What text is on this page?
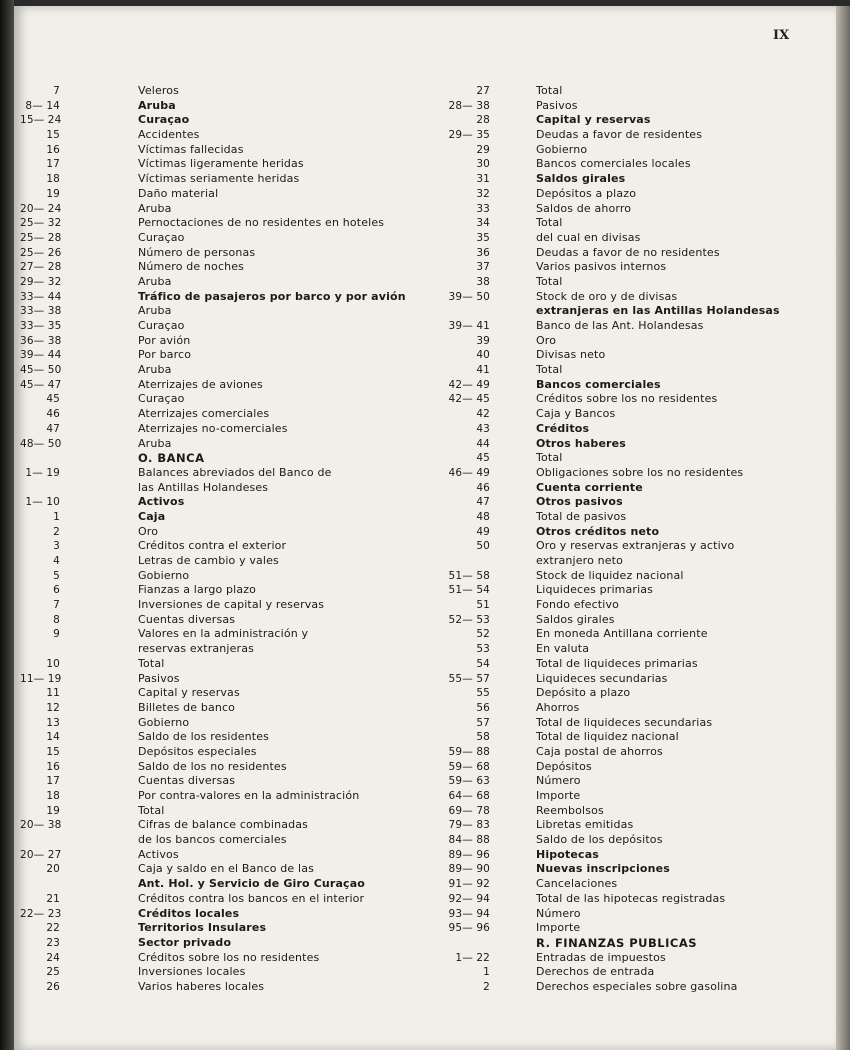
IX
7	Veleros
8— 14	Aruba
15— 24	Curaçao
15	Accidentes
16	Víctimas fallecidas
17	Víctimas ligeramente heridas
18	Víctimas seriamente heridas
19	Daño material
20— 24	Aruba
25— 32	Pernoctaciones de no residentes en hoteles
25— 28	Curaçao
25— 26	Número de personas
27— 28	Número de noches
29— 32	Aruba
33— 44	Tráfico de pasajeros por barco y por avión
33— 38	Aruba
33— 35	Curaçao
36— 38	Por avión
39— 44	Por barco
45— 50	Aruba
45— 47	Aterrizajes de aviones
45	Curaçao
46	Aterrizajes comerciales
47	Aterrizajes no-comerciales
48— 50	Aruba
O. BANCA
1— 19	Balances abreviados del Banco de
las Antillas Holandeses
1— 10	Activos
1	Caja
2	Oro
3	Créditos contra el exterior
4	Letras de cambio y vales
5	Gobierno
6	Fianzas a largo plazo
7	Inversiones de capital y reservas
8	Cuentas diversas
9	Valores en la administración y
reservas extranjeras
10	Total
11— 19	Pasivos
11	Capital y reservas
12	Billetes de banco
13	Gobierno
14	Saldo de los residentes
15	Depósitos especiales
16	Saldo de los no residentes
17	Cuentas diversas
18	Por contra-valores en la administración
19	Total
20— 38	Cifras de balance combinadas
de los bancos comerciales
20— 27	Activos
20	Caja y saldo en el Banco de las
Ant. Hol. y Servicio de Giro Curaçao
21	Créditos contra los bancos en el interior
22— 23	Créditos locales
22	Territorios Insulares
23	Sector privado
24	Créditos sobre los no residentes
25	Inversiones locales
26	Varios haberes locales
27	Total
28— 38	Pasivos
28	Capital y reservas
29— 35	Deudas a favor de residentes
29	Gobierno
30	Bancos comerciales locales
31	Saldos girales
32	Depósitos a plazo
33	Saldos de ahorro
34	Total
35	del cual en divisas
36	Deudas a favor de no residentes
37	Varios pasivos internos
38	Total
39— 50	Stock de oro y de divisas
extranjeras en las Antillas Holandesas
39— 41	Banco de las Ant. Holandesas
39	Oro
40	Divisas neto
41	Total
42— 49	Bancos comerciales
42— 45	Créditos sobre los no residentes
42	Caja y Bancos
43	Créditos
44	Otros haberes
45	Total
46— 49	Obligaciones sobre los no residentes
46	Cuenta corriente
47	Otros pasivos
48	Total de pasivos
49	Otros créditos neto
50	Oro y reservas extranjeras y activo
extranjero neto
51— 58	Stock de liquidez nacional
51— 54	Liquideces primarias
51	Fondo efectivo
52— 53	Saldos girales
52	En moneda Antillana corriente
53	En valuta
54	Total de liquideces primarias
55— 57	Liquideces secundarias
55	Depósito a plazo
56	Ahorros
57	Total de liquideces secundarias
58	Total de liquidez nacional
59— 88	Caja postal de ahorros
59— 68	Depósitos
59— 63	Número
64— 68	Importe
69— 78	Reembolsos
79— 83	Libretas emitidas
84— 88	Saldo de los depósitos
89— 96	Hipotecas
89— 90	Nuevas inscripciones
91— 92	Cancelaciones
92— 94	Total de las hipotecas registradas
93— 94	Número
95— 96	Importe
R. FINANZAS PUBLICAS
1— 22	Entradas de impuestos
1	Derechos de entrada
2	Derechos especiales sobre gasolina
